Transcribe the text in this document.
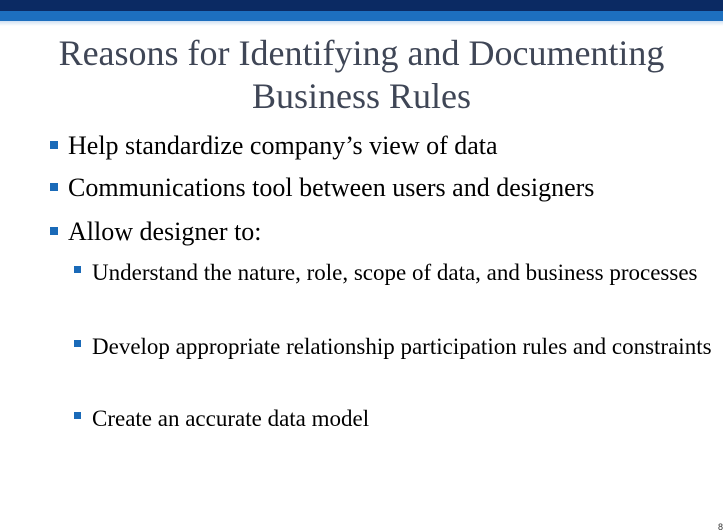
Reasons for Identifying and Documenting
Business Rules
Help standardize company’s view of data
Communications tool between users and designers
Allow designer to:
Understand the nature, role, scope of data, and business processes
Develop appropriate relationship participation rules and constraints
Create an accurate data model
8
